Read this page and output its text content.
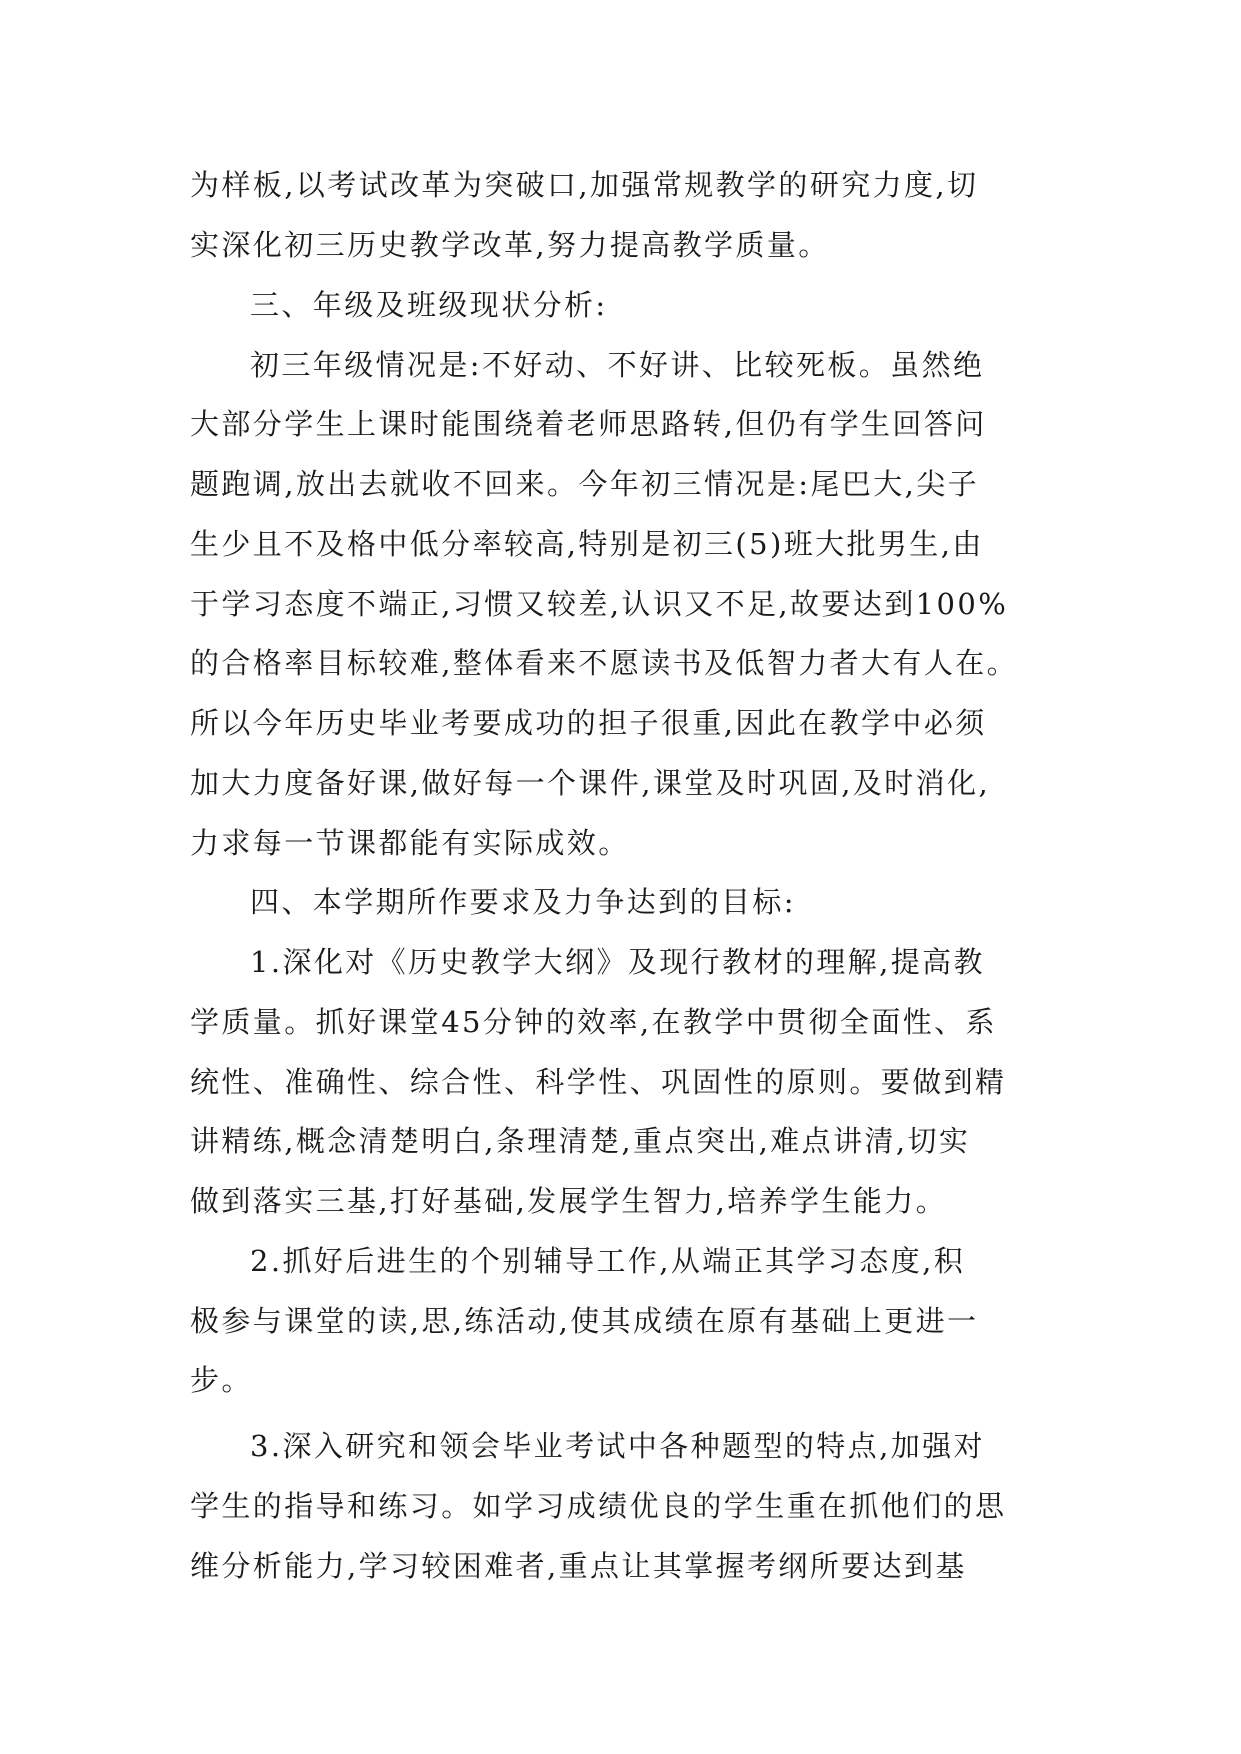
为样板,以考试改革为突破口,加强常规教学的研究力度,切
实深化初三历史教学改革,努力提高教学质量。
三、年级及班级现状分析:
初三年级情况是:不好动、不好讲、比较死板。虽然绝
大部分学生上课时能围绕着老师思路转,但仍有学生回答问
题跑调,放出去就收不回来。今年初三情况是:尾巴大,尖子
生少且不及格中低分率较高,特别是初三(5)班大批男生,由
于学习态度不端正,习惯又较差,认识又不足,故要达到100%
的合格率目标较难,整体看来不愿读书及低智力者大有人在。
所以今年历史毕业考要成功的担子很重,因此在教学中必须
加大力度备好课,做好每一个课件,课堂及时巩固,及时消化,
力求每一节课都能有实际成效。
四、本学期所作要求及力争达到的目标:
1.深化对《历史教学大纲》及现行教材的理解,提高教
学质量。抓好课堂45分钟的效率,在教学中贯彻全面性、系
统性、准确性、综合性、科学性、巩固性的原则。要做到精
讲精练,概念清楚明白,条理清楚,重点突出,难点讲清,切实
做到落实三基,打好基础,发展学生智力,培养学生能力。
2.抓好后进生的个别辅导工作,从端正其学习态度,积
极参与课堂的读,思,练活动,使其成绩在原有基础上更进一
步。
3.深入研究和领会毕业考试中各种题型的特点,加强对
学生的指导和练习。如学习成绩优良的学生重在抓他们的思
维分析能力,学习较困难者,重点让其掌握考纲所要达到基
